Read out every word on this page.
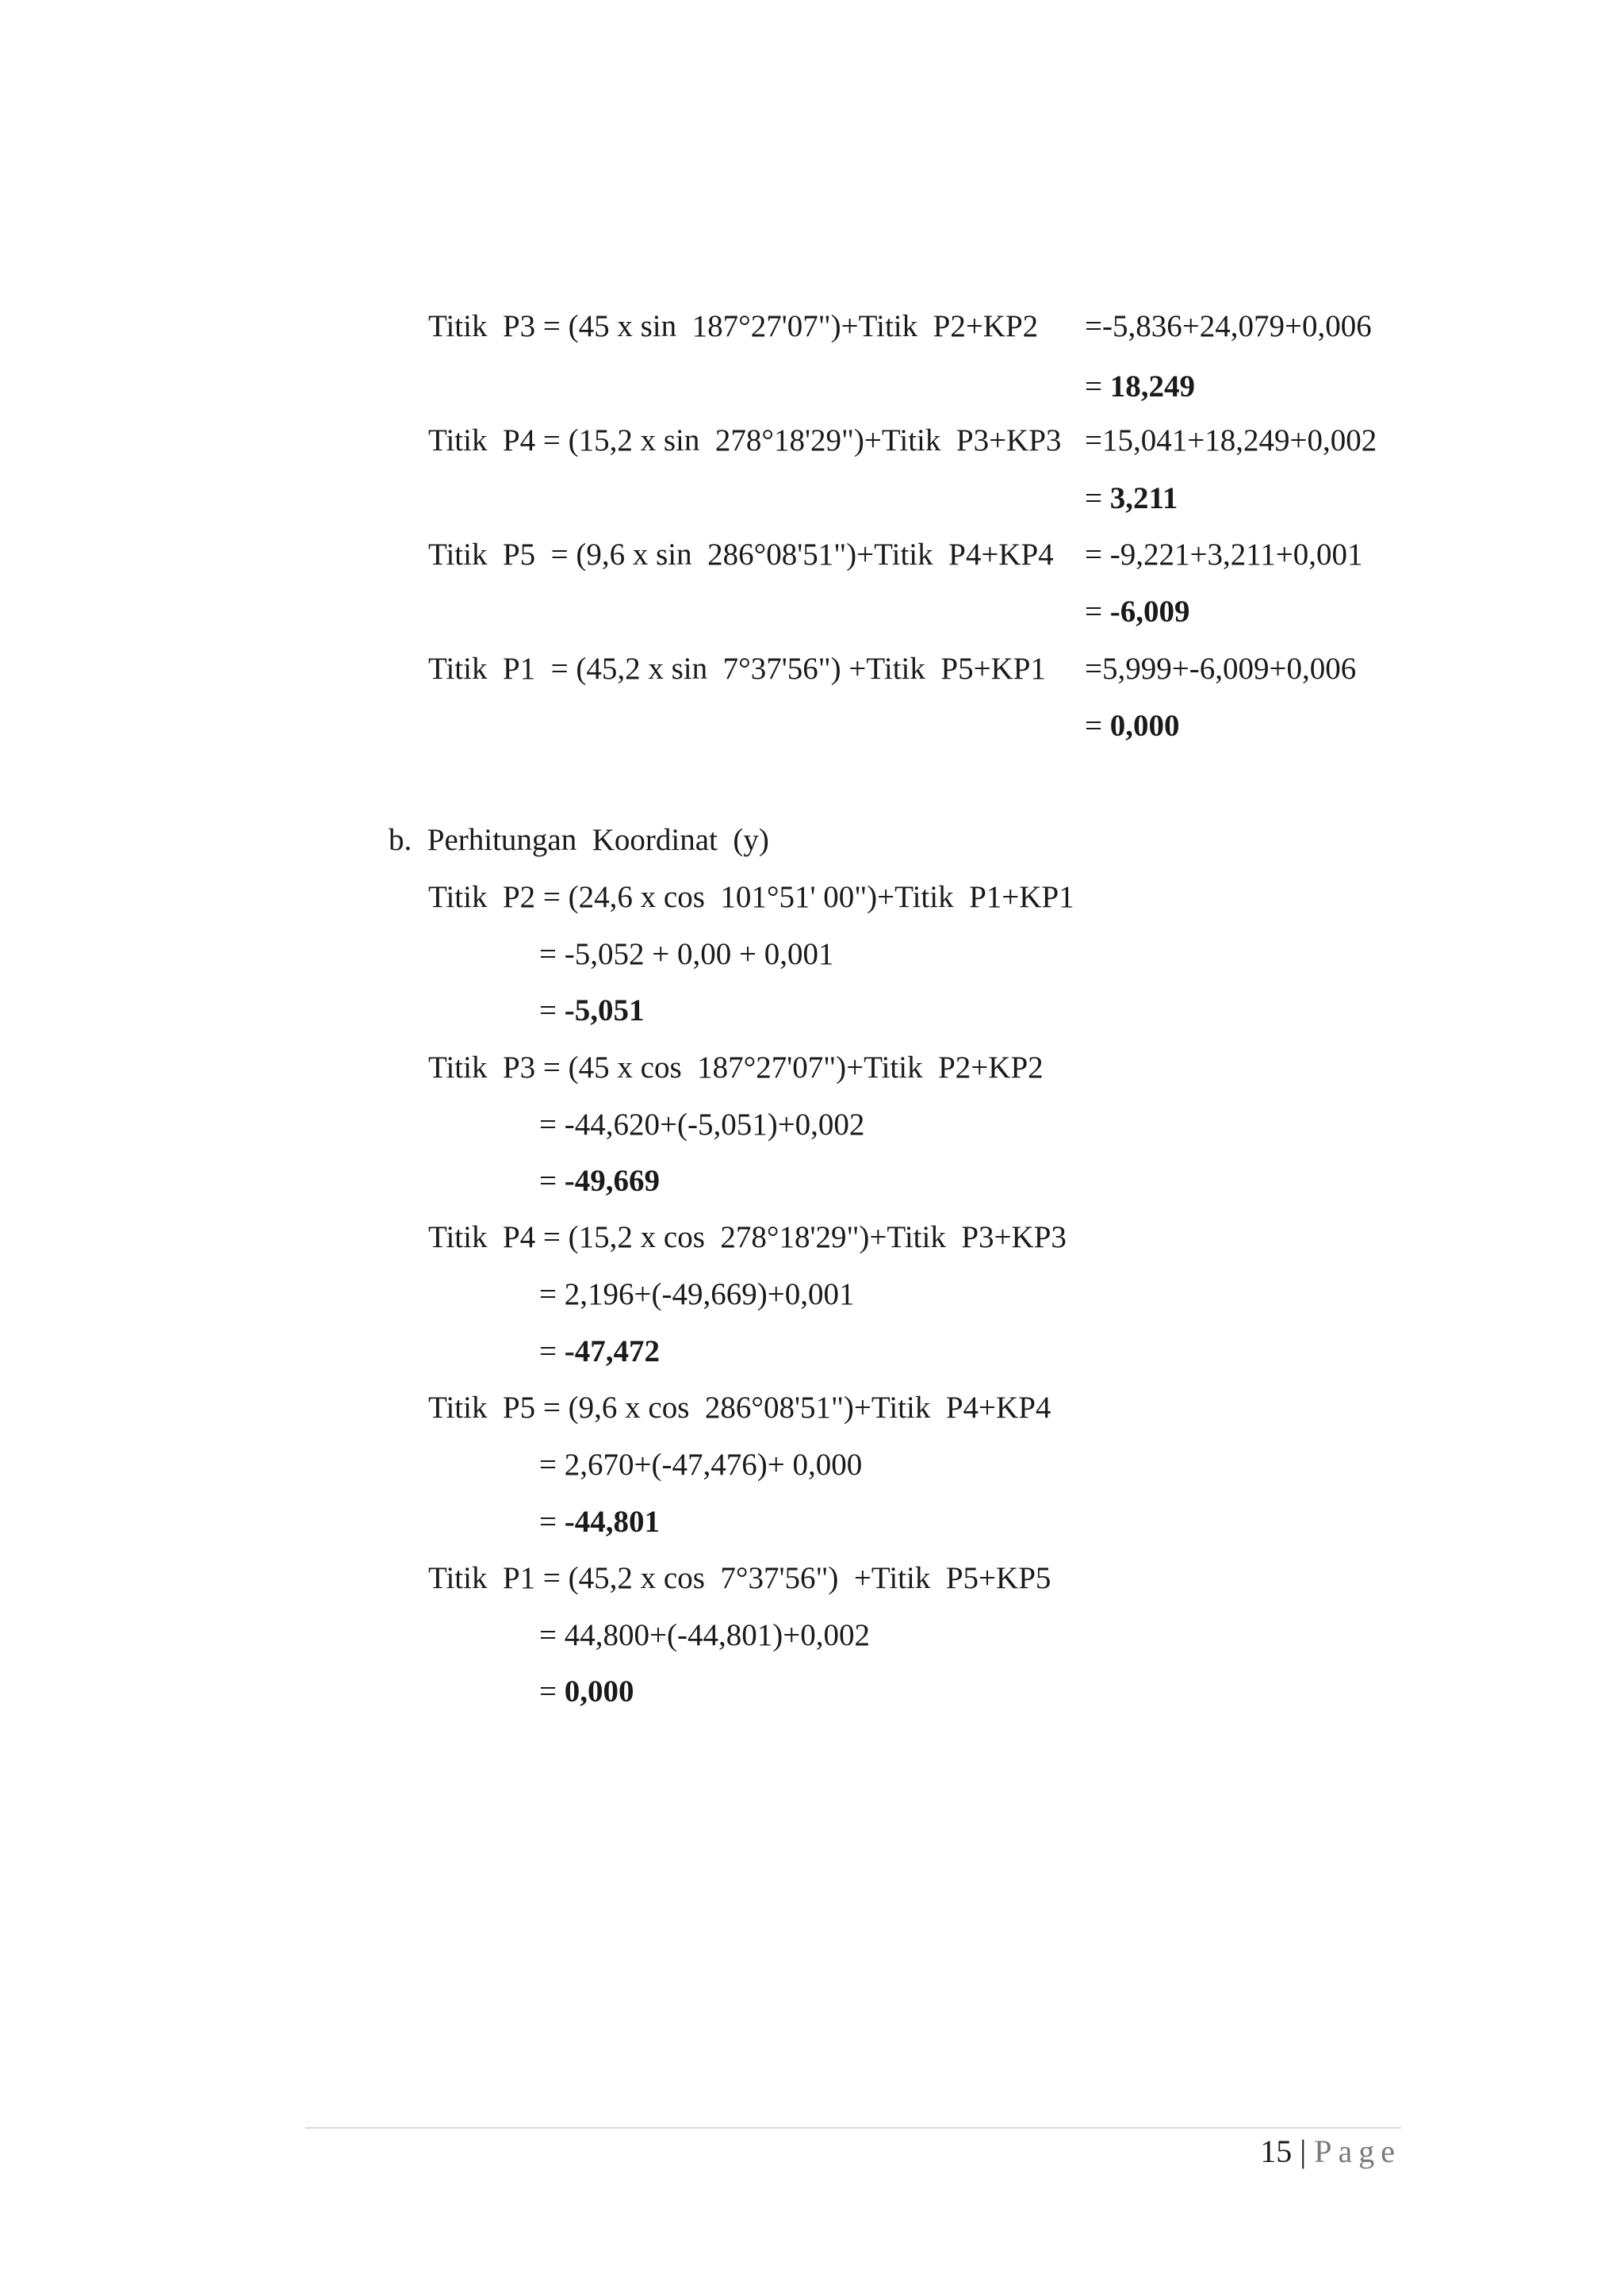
Titik  P3 = (45 x sin  187°27'07")+Titik  P2+KP2 =-5,836+24,079+0,006
= 18,249
Titik  P4 = (15,2 x sin  278°18'29")+Titik  P3+KP3 =15,041+18,249+0,002
= 3,211
Titik  P5  = (9,6 x sin  286°08'51")+Titik  P4+KP4 = -9,221+3,211+0,001
= -6,009
Titik  P1  = (45,2 x sin  7°37'56") +Titik  P5+KP1 =5,999+-6,009+0,006
= 0,000
b.  Perhitungan  Koordinat  (y)
Titik  P2 = (24,6 x cos  101°51' 00")+Titik  P1+KP1
= -5,052 + 0,00 + 0,001
= -5,051
Titik  P3 = (45 x cos  187°27'07")+Titik  P2+KP2
= -44,620+(-5,051)+0,002
= -49,669
Titik  P4 = (15,2 x cos  278°18'29")+Titik  P3+KP3
= 2,196+(-49,669)+0,001
= -47,472
Titik  P5 = (9,6 x cos  286°08'51")+Titik  P4+KP4
= 2,670+(-47,476)+ 0,000
= -44,801
Titik  P1 = (45,2 x cos  7°37'56")  +Titik  P5+KP5
= 44,800+(-44,801)+0,002
= 0,000
15 | Page
